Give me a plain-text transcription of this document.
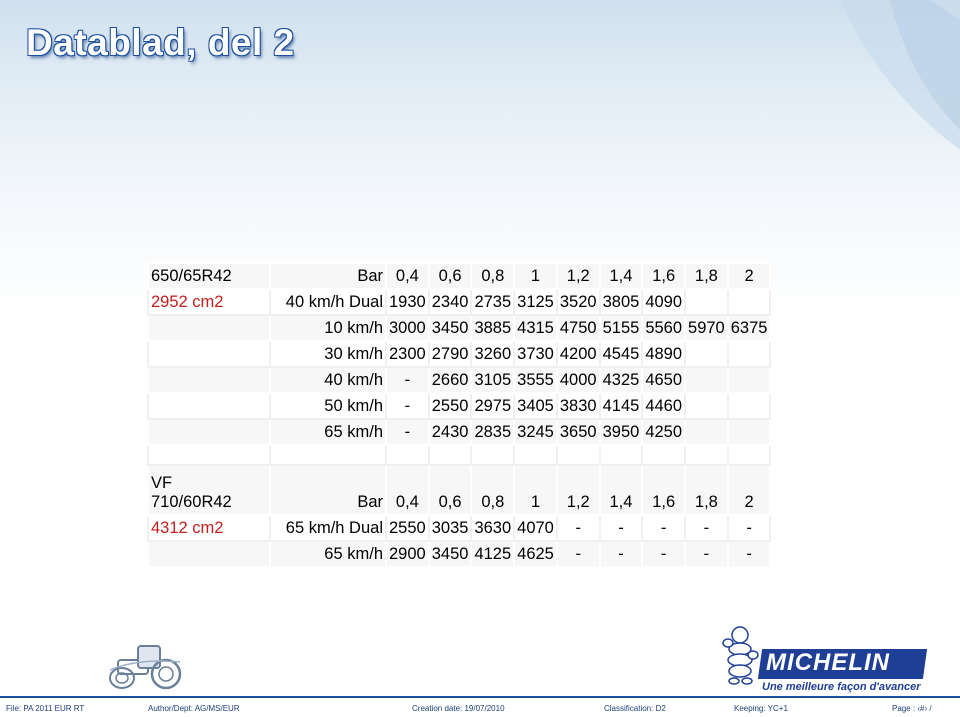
Datablad, del 2
650/65R42	Bar	0,4	0,6	0,8	1	1,2	1,4	1,6	1,8	2
2952 cm2	40 km/h Dual	1930	2340	2735	3125	3520	3805	4090		
	10 km/h	3000	3450	3885	4315	4750	5155	5560	5970	6375
	30 km/h	2300	2790	3260	3730	4200	4545	4890		
	40 km/h	-	2660	3105	3555	4000	4325	4650		
	50 km/h	-	2550	2975	3405	3830	4145	4460		
	65 km/h	-	2430	2835	3245	3650	3950	4250		

VF
710/60R42	Bar	0,4	0,6	0,8	1	1,2	1,4	1,6	1,8	2
4312 cm2	65 km/h Dual	2550	3035	3630	4070	-	-	-	-	-
	65 km/h	2900	3450	4125	4625	-	-	-	-	-
MICHELIN
Une meilleure façon d'avancer
File: PA 2011 EUR RT	Author/Dept: AG/MS/EUR	Creation date: 19/07/2010	Classification: D2	Keeping: YC+1	Page : ‹#› /
